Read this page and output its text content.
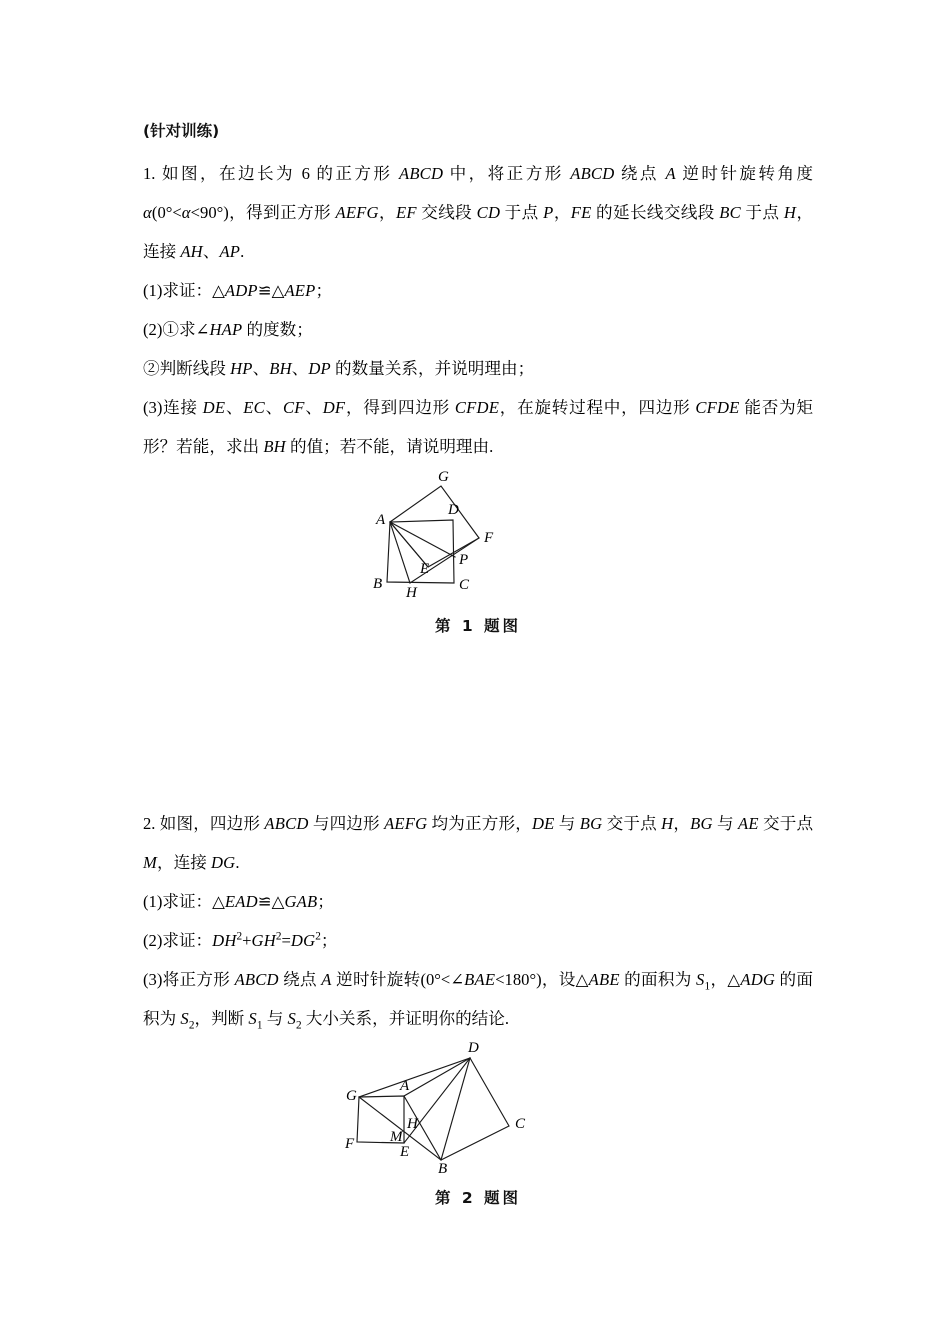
(针对训练)

1. 如图，在边长为 6 的正方形 ABCD 中，将正方形 ABCD 绕点 A 逆时针旋转角度α(0°<α<90°)，得到正方形 AEFG，EF 交线段 CD 于点 P，FE 的延长线交线段 BC 于点 H，连接 AH、AP.

(1)求证：△ADP≌△AEP；

(2)①求∠HAP 的度数；

②判断线段 HP、BH、DP 的数量关系，并说明理由；

(3)连接 DE、EC、CF、DF，得到四边形 CFDE，在旋转过程中，四边形 CFDE 能否为矩形？若能，求出 BH 的值；若不能，请说明理由.

A
B	C
D
E
F
G
H
P
第 1 题图

2. 如图，四边形 ABCD 与四边形 AEFG 均为正方形，DE 与 BG 交于点 H，BG 与 AE 交于点 M，连接 DG.

(1)求证：△EAD≌△GAB；

(2)求证：$DH^2+GH^2=DG^2$；

(3)将正方形 ABCD 绕点 A 逆时针旋转(0°<∠BAE<180°)，设△ABE 的面积为 $S_1$，△ADG 的面积为 $S_2$，判断 $S_1$ 与 $S_2$ 大小关系，并证明你的结论.

A
B
C
D
E
F
G
H
M
第 2 题图
